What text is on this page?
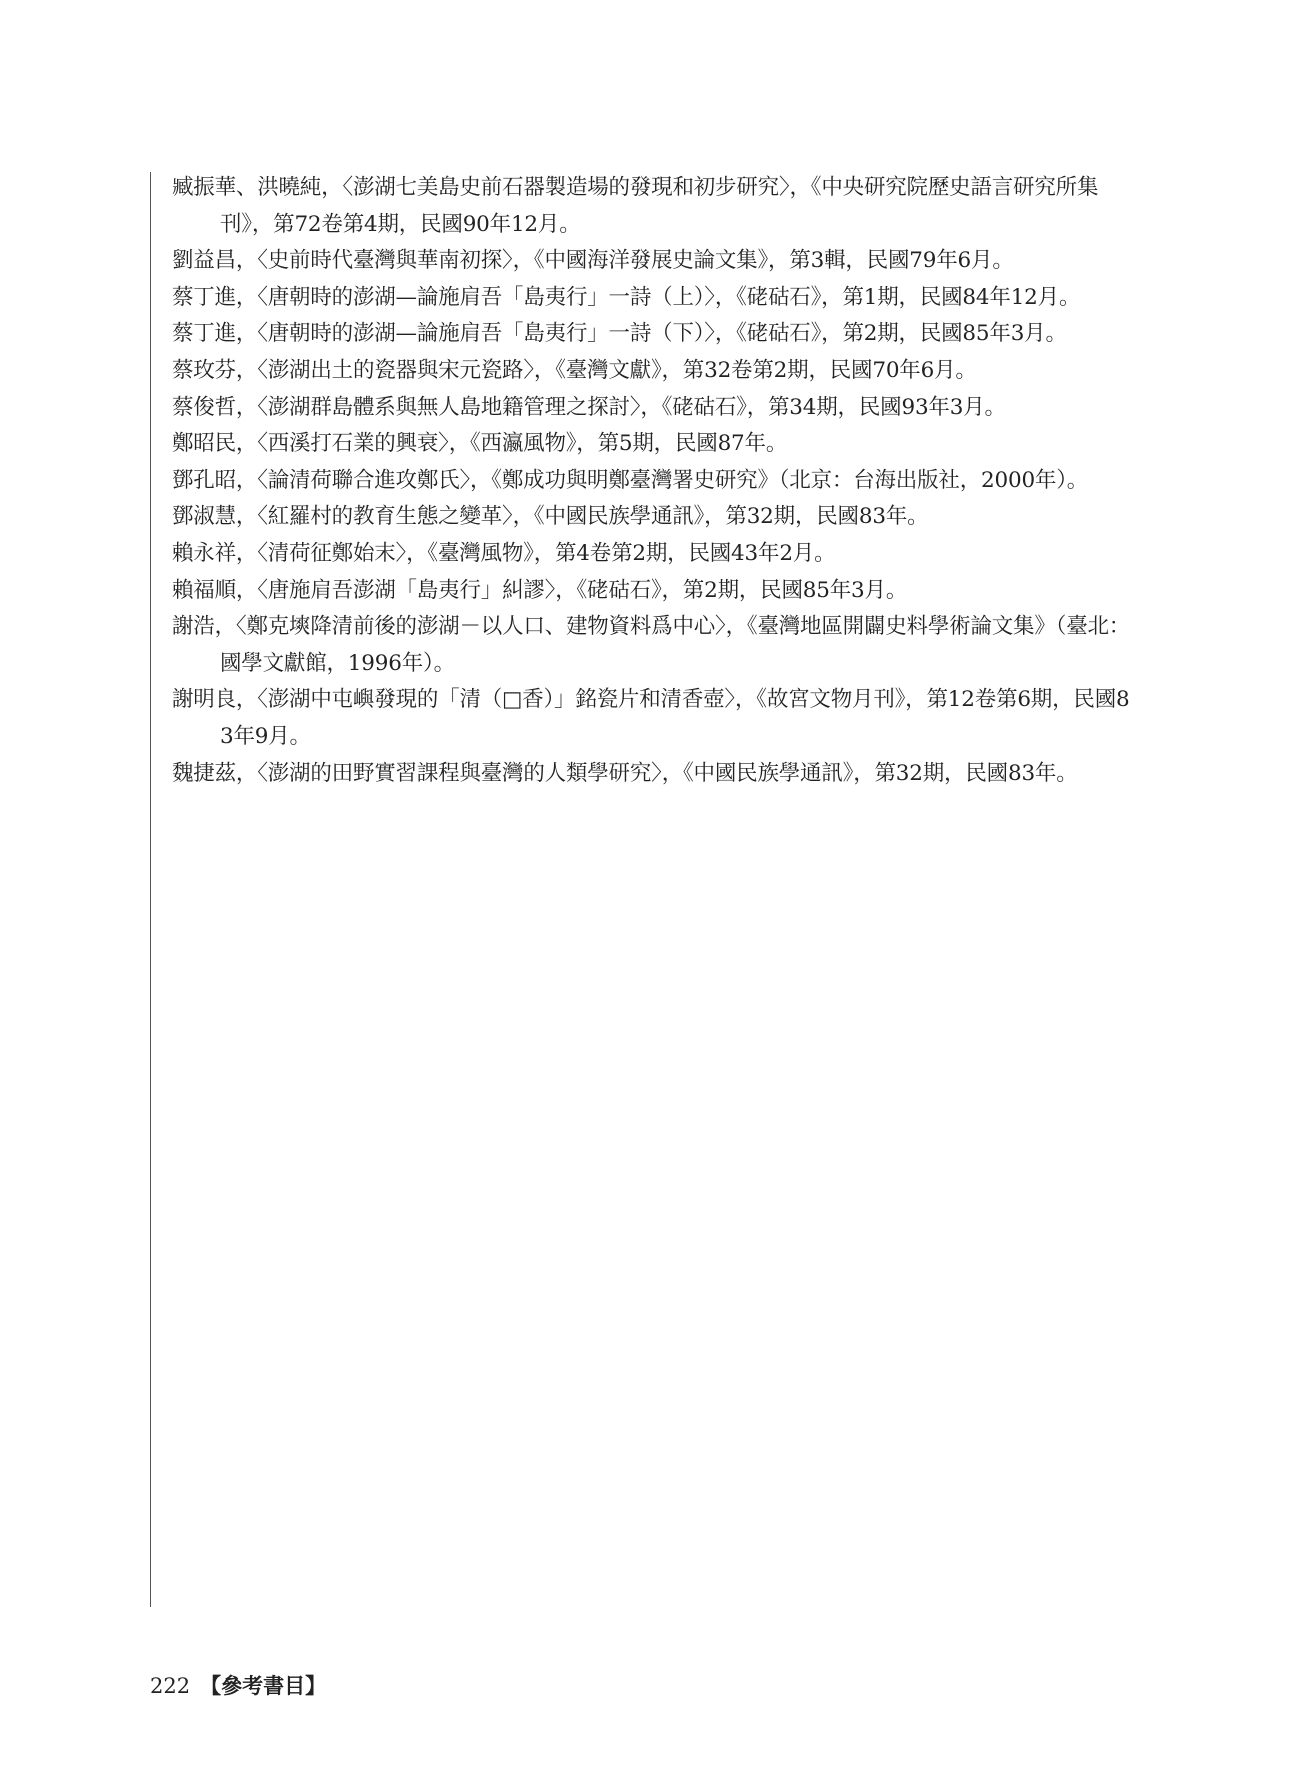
臧振華、洪曉純，〈澎湖七美島史前石器製造場的發現和初步研究〉，《中央研究院歷史語言研究所集刊》，第72卷第4期，民國90年12月。
劉益昌，〈史前時代臺灣與華南初探〉，《中國海洋發展史論文集》，第3輯，民國79年6月。
蔡丁進，〈唐朝時的澎湖—論施肩吾「島夷行」一詩（上）〉，《硓𥑮石》，第1期，民國84年12月。
蔡丁進，〈唐朝時的澎湖—論施肩吾「島夷行」一詩（下）〉，《硓𥑮石》，第2期，民國85年3月。
蔡玫芬，〈澎湖出土的瓷器與宋元瓷路〉，《臺灣文獻》，第32卷第2期，民國70年6月。
蔡俊哲，〈澎湖群島體系與無人島地籍管理之探討〉，《硓𥑮石》，第34期，民國93年3月。
鄭昭民，〈西溪打石業的興衰〉，《西瀛風物》，第5期，民國87年。
鄧孔昭，〈論清荷聯合進攻鄭氏〉，《鄭成功與明鄭臺灣署史研究》（北京：台海出版社，2000年）。
鄧淑慧，〈紅羅村的教育生態之變革〉，《中國民族學通訊》，第32期，民國83年。
賴永祥，〈清荷征鄭始末〉，《臺灣風物》，第4卷第2期，民國43年2月。
賴福順，〈唐施肩吾澎湖「島夷行」糾謬〉，《硓𥑮石》，第2期，民國85年3月。
謝浩，〈鄭克塽降清前後的澎湖－以人口、建物資料爲中心〉，《臺灣地區開闢史料學術論文集》（臺北：國學文獻館，1996年）。
謝明良，〈澎湖中屯嶼發現的「清（□香）」銘瓷片和清香壺〉，《故宮文物月刊》，第12卷第6期，民國83年9月。
魏捷茲，〈澎湖的田野實習課程與臺灣的人類學研究〉，《中國民族學通訊》，第32期，民國83年。
222 【參考書目】
